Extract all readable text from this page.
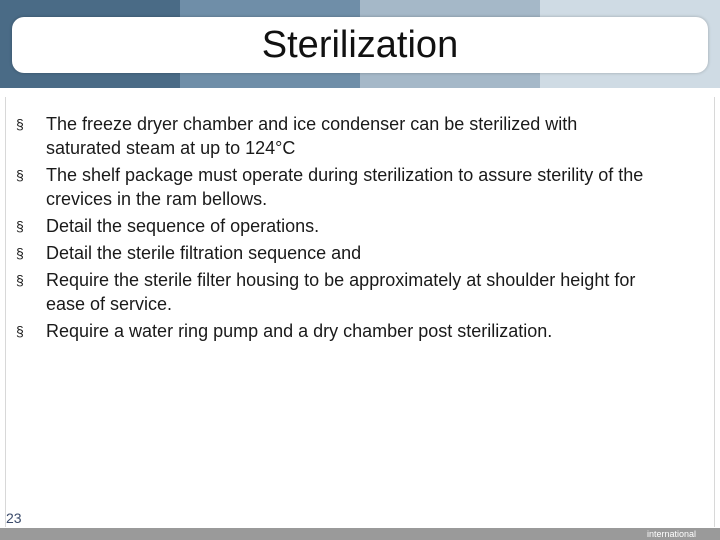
Sterilization
§	The freeze dryer chamber and ice condenser can be sterilized with saturated steam at up to 124°C
§	The shelf package must operate during sterilization to assure sterility of the crevices in the ram bellows.
§	Detail the sequence of operations.
§	Detail the sterile filtration sequence and
§	Require the sterile filter housing to be approximately at shoulder height for ease of service.
§	Require a water ring pump and a dry chamber post sterilization.
23
international
